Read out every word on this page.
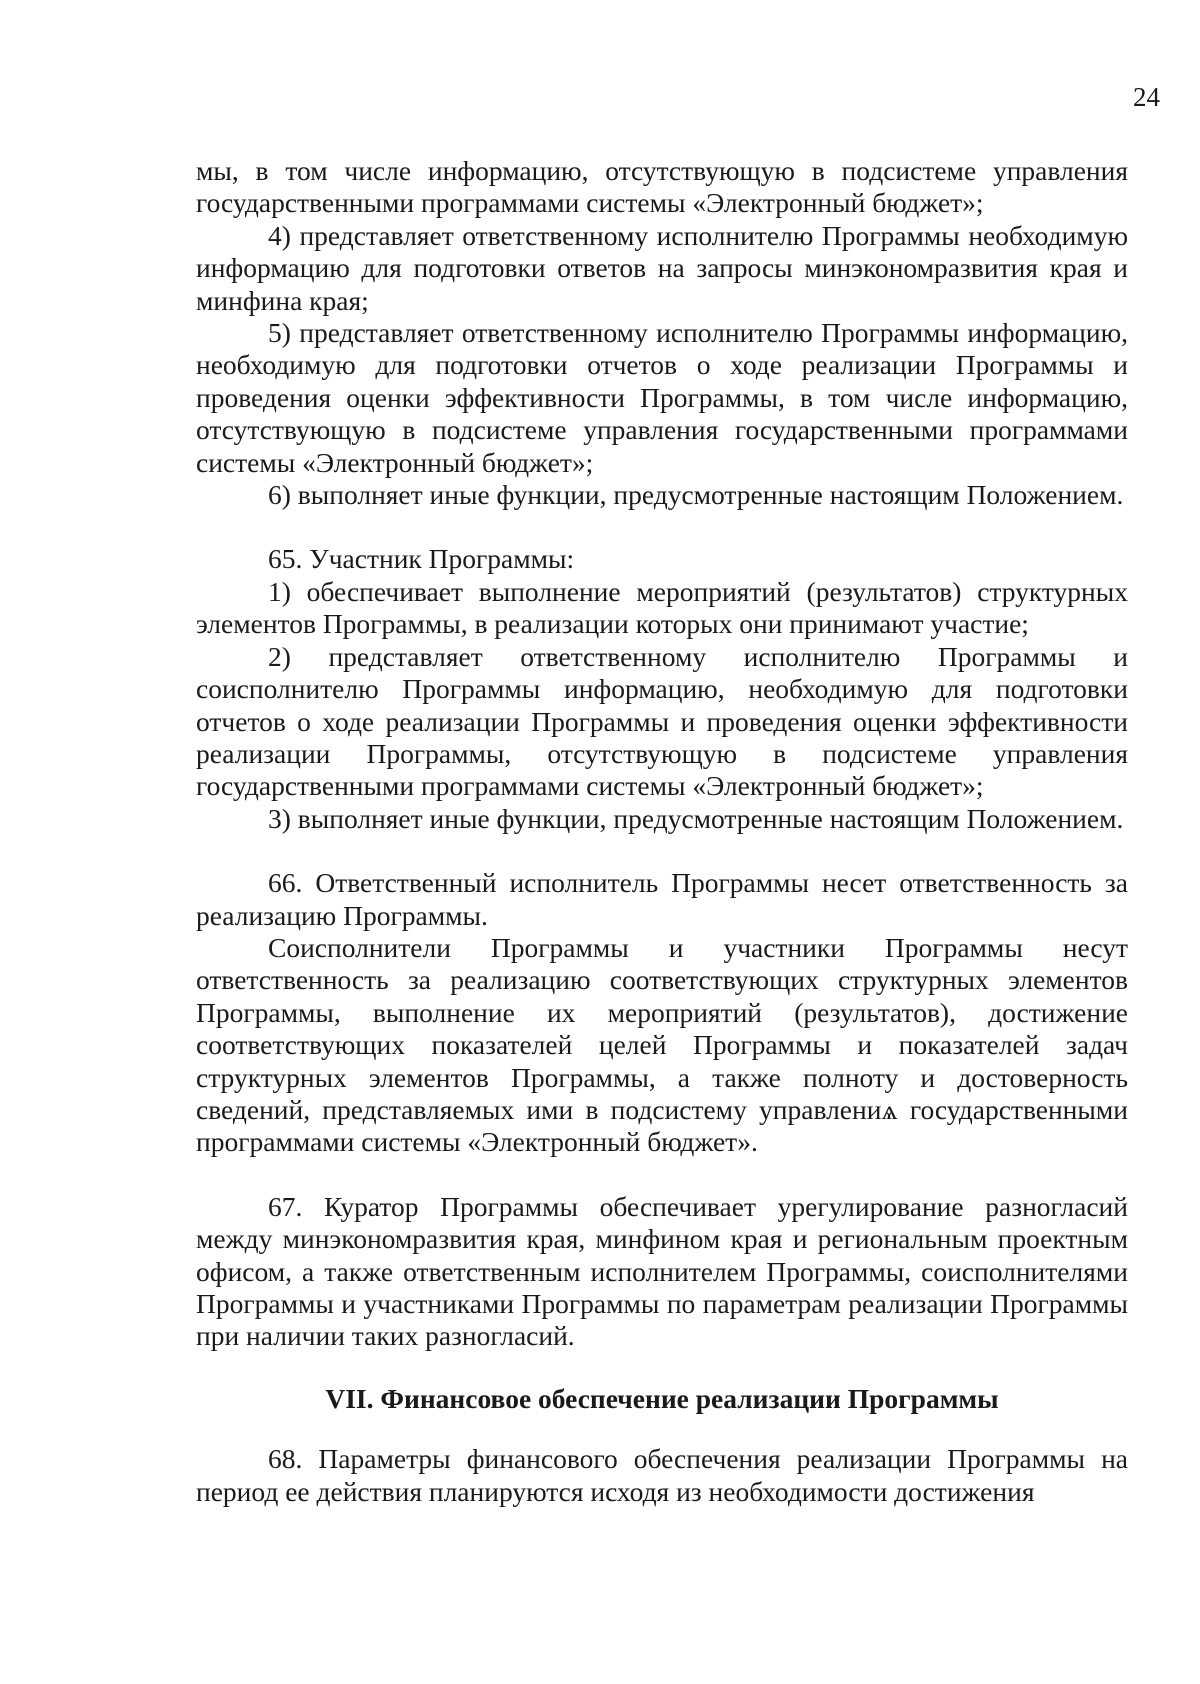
24

мы, в том числе информацию, отсутствующую в подсистеме управления государственными программами системы «Электронный бюджет»;

4) представляет ответственному исполнителю Программы необходимую информацию для подготовки ответов на запросы минэкономразвития края и минфина края;

5) представляет ответственному исполнителю Программы информацию, необходимую для подготовки отчетов о ходе реализации Программы и проведения оценки эффективности Программы, в том числе информацию, отсутствующую в подсистеме управления государственными программами системы «Электронный бюджет»;

6) выполняет иные функции, предусмотренные настоящим Положением.

65. Участник Программы:

1) обеспечивает выполнение мероприятий (результатов) структурных элементов Программы, в реализации которых они принимают участие;

2) представляет ответственному исполнителю Программы и соисполнителю Программы информацию, необходимую для подготовки отчетов о ходе реализации Программы и проведения оценки эффективности реализации Программы, отсутствующую в подсистеме управления государственными программами системы «Электронный бюджет»;

3) выполняет иные функции, предусмотренные настоящим Положением.

66. Ответственный исполнитель Программы несет ответственность за реализацию Программы.

Соисполнители Программы и участники Программы несут ответственность за реализацию соответствующих структурных элементов Программы, выполнение их мероприятий (результатов), достижение соответствующих показателей целей Программы и показателей задач структурных элементов Программы, а также полноту и достоверность сведений, представляемых ими в подсистему управлениѧ государственными программами системы «Электронный бюджет».

67. Куратор Программы обеспечивает урегулирование разногласий между минэкономразвития края, минфином края и региональным проектным офисом, а также ответственным исполнителем Программы, соисполнителями Программы и участниками Программы по параметрам реализации Программы при наличии таких разногласий.

VII. Финансовое обеспечение реализации Программы

68. Параметры финансового обеспечения реализации Программы на период ее действия планируются исходя из необходимости достижения
